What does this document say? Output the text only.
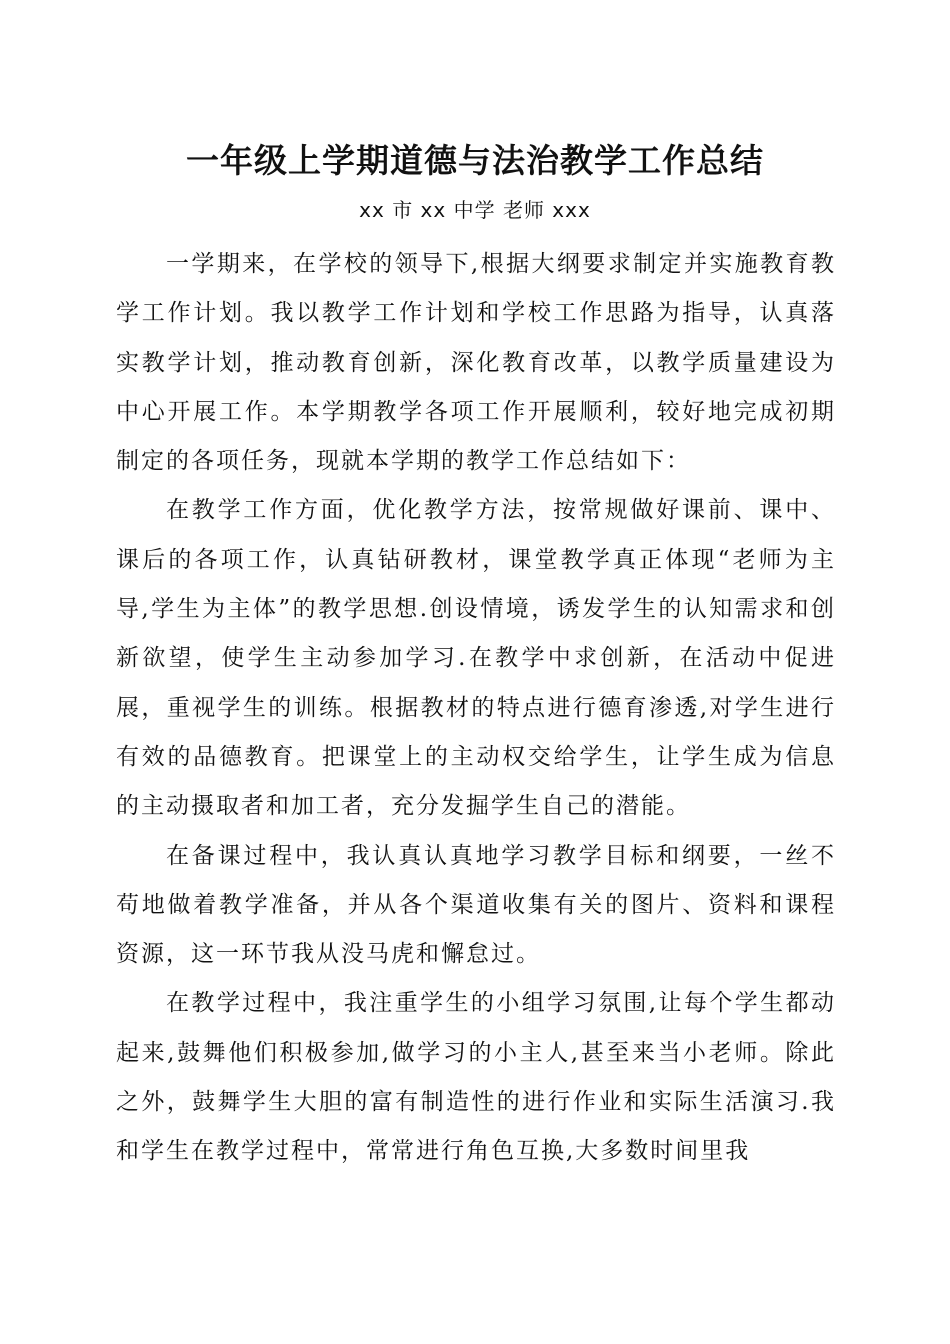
一年级上学期道德与法治教学工作总结

xx 市 xx 中学 老师 xxx

一学期来，在学校的领导下,根据大纲要求制定并实施教育教学工作计划。我以教学工作计划和学校工作思路为指导，认真落实教学计划，推动教育创新，深化教育改革，以教学质量建设为中心开展工作。本学期教学各项工作开展顺利，较好地完成初期制定的各项任务，现就本学期的教学工作总结如下：

在教学工作方面，优化教学方法，按常规做好课前、课中、课后的各项工作，认真钻研教材，课堂教学真正体现“老师为主导,学生为主体”的教学思想.创设情境，诱发学生的认知需求和创新欲望，使学生主动参加学习.在教学中求创新，在活动中促进展，重视学生的训练。根据教材的特点进行德育渗透,对学生进行有效的品德教育。把课堂上的主动权交给学生，让学生成为信息的主动摄取者和加工者，充分发掘学生自己的潜能。

在备课过程中，我认真认真地学习教学目标和纲要，一丝不苟地做着教学准备，并从各个渠道收集有关的图片、资料和课程资源，这一环节我从没马虎和懈怠过。

在教学过程中，我注重学生的小组学习氛围,让每个学生都动起来,鼓舞他们积极参加,做学习的小主人,甚至来当小老师。除此之外，鼓舞学生大胆的富有制造性的进行作业和实际生活演习.我和学生在教学过程中，常常进行角色互换,大多数时间里我
